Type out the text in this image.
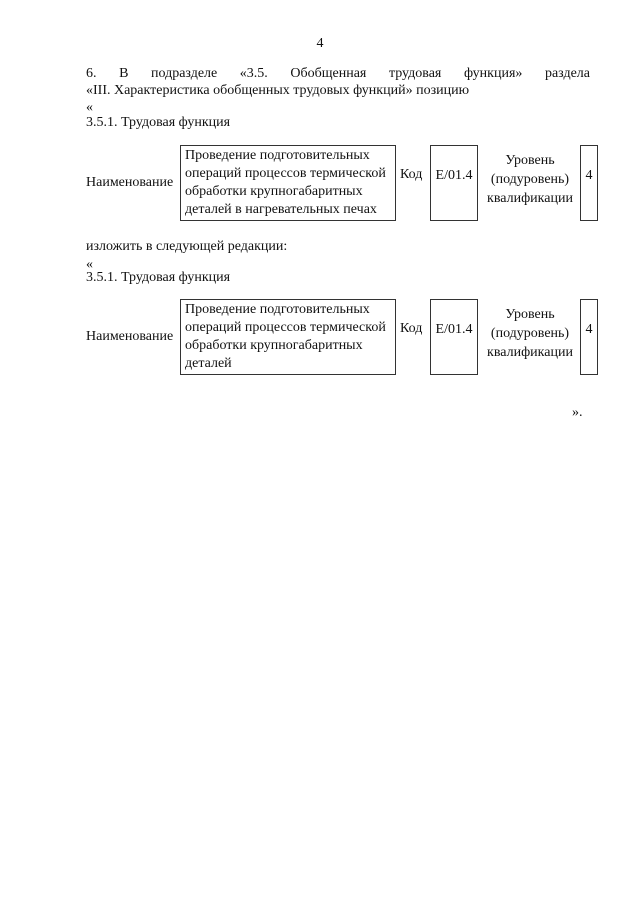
4
6. В подразделе «3.5. Обобщенная трудовая функция» раздела
«III. Характеристика обобщенных трудовых функций» позицию
«
3.5.1. Трудовая функция
Наименование
Проведение подготовительных
операций процессов термической
обработки крупногабаритных
деталей в нагревательных печах
Код E/01.4
Уровень
(подуровень)
квалификации
4
изложить в следующей редакции:
«
3.5.1. Трудовая функция
Наименование
Проведение подготовительных
операций процессов термической
обработки крупногабаритных
деталей
Код E/01.4
Уровень
(подуровень)
квалификации
4
».
